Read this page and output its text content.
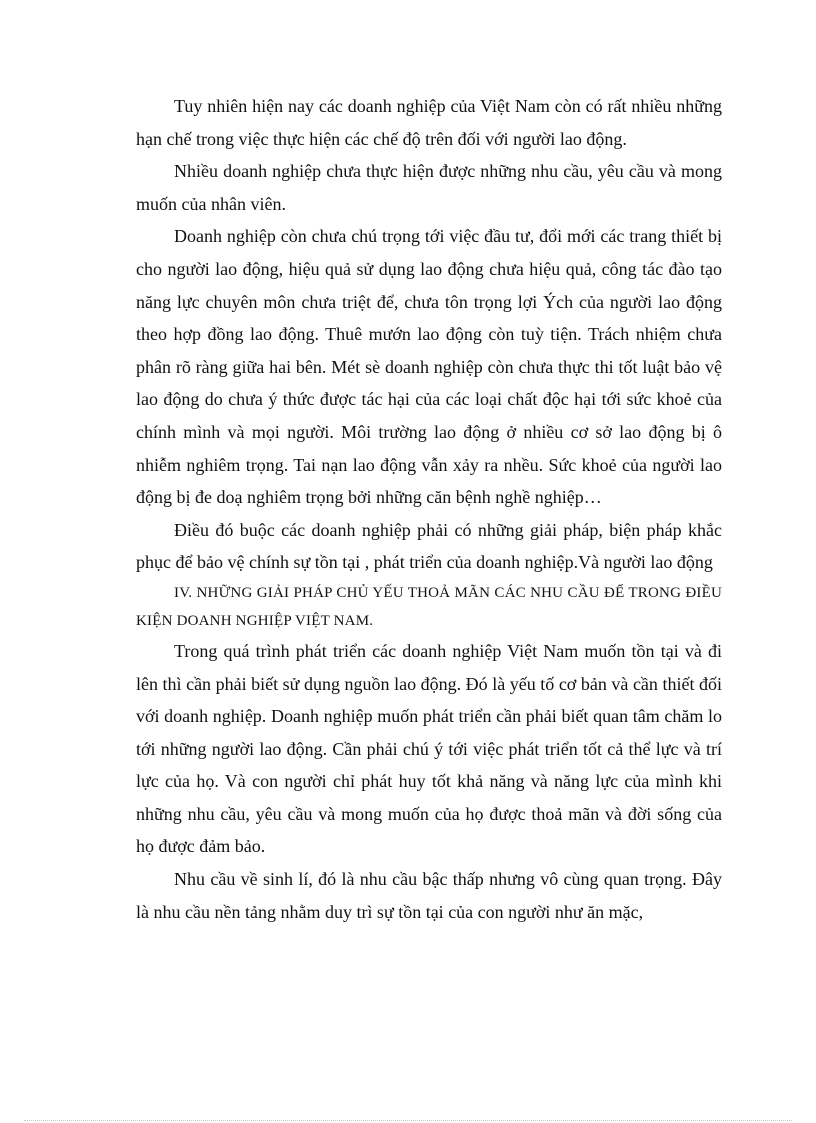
Tuy nhiên hiện nay các doanh nghiệp của Việt Nam còn có rất nhiều những hạn chế trong việc thực hiện các chế độ trên đối với người lao động.

Nhiều doanh nghiệp chưa thực hiện được những nhu cầu, yêu cầu và mong muốn của nhân viên.

Doanh nghiệp còn chưa chú trọng tới việc đầu tư, đổi mới các trang thiết bị cho người lao động, hiệu quả sử dụng lao động chưa hiệu quả, công tác đào tạo năng lực chuyên môn chưa triệt để, chưa tôn trọng lợi Ých của người lao động theo hợp đồng lao động. Thuê mướn lao động còn tuỳ tiện. Trách nhiệm chưa phân rõ ràng giữa hai bên. Mét sè doanh nghiệp còn chưa thực thi tốt luật bảo vệ lao động do chưa ý thức được tác hại của các loại chất độc hại tới sức khoẻ của chính mình và mọi người. Môi trường lao động ở nhiều cơ sở lao động bị ô nhiễm nghiêm trọng. Tai nạn lao động vẫn xảy ra nhều. Sức khoẻ của người lao động bị đe doạ nghiêm trọng bởi những căn bệnh nghề nghiệp…

Điều đó buộc các doanh nghiệp phải có những giải pháp, biện pháp khắc phục để bảo vệ chính sự tồn tại , phát triển của doanh nghiệp.Và người lao động

IV. NHỮNG GIẢI PHÁP CHỦ YẾU THOẢ MÃN CÁC NHU CẦU ĐỂ TRONG ĐIỀU KIỆN DOANH NGHIỆP VIỆT NAM.

Trong quá trình phát triển các doanh nghiệp Việt Nam muốn tồn tại và đi lên thì cần phải biết sử dụng nguồn lao động. Đó là yếu tố cơ bản và cần thiết đối với doanh nghiệp. Doanh nghiệp muốn phát triển cần phải biết quan tâm chăm lo tới những người lao động. Cần phải chú ý tới việc phát triển tốt cả thể lực và trí lực của họ. Và con người chỉ phát huy tốt khả năng và năng lực của mình khi những nhu cầu, yêu cầu và mong muốn của họ được thoả mãn và đời sống của họ được đảm bảo.

Nhu cầu về sinh lí, đó là nhu cầu bậc thấp nhưng vô cùng quan trọng. Đây là nhu cầu nền tảng nhằm duy trì sự tồn tại của con người như ăn mặc,
